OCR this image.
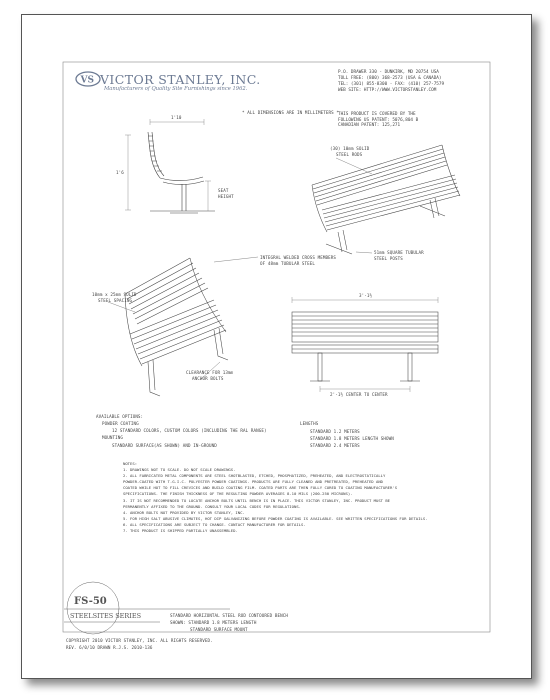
VS VICTOR STANLEY, INC.
Manufacturers of Quality Site Furnishings since 1962.
P.O. DRAWER 330 - DUNKIRK, MD 20754 USA
TOLL FREE: (800) 368-2573 (USA & CANADA)
TEL: (301) 855-8300 - FAX: (410) 257-7579
WEB SITE: HTTP://WWW.VICTORSTANLEY.COM
THIS PRODUCT IS COVERED BY THE
FOLLOWING US PATENT: 5076,804 B
CANADIAN PATENT: 125,271
* ALL DIMENSIONS ARE IN MILLIMETERS *
1'10
1'6
SEAT
HEIGHT
(30) 10mm SOLID
STEEL RODS
51mm SQUARE TUBULAR
STEEL POSTS
INTEGRAL WELDED CROSS MEMBERS
OF 48mm TUBULAR STEEL
10mm x 25mm SOLID
STEEL SPACING
CLEARANCE FOR 13mm
ANCHOR BOLTS
3'-1½
2'-1½ CENTER TO CENTER
AVAILABLE OPTIONS:
POWDER COATING
12 STANDARD COLORS, CUSTOM COLORS (INCLUDING THE RAL RANGE)
MOUNTING
STANDARD SURFACE(AS SHOWN) AND IN-GROUND
LENGTHS
STANDARD 1.2 METERS
STANDARD 1.8 METERS LENGTH SHOWN
STANDARD 2.4 METERS
NOTES:
1. DRAWINGS NOT TO SCALE. DO NOT SCALE DRAWINGS.
2. ALL FABRICATED METAL COMPONENTS ARE STEEL SHOTBLASTED, ETCHED, PHOSPHATIZED, PREHEATED, AND ELECTROSTATICALLY
POWDER-COATED WITH T.G.I.C. POLYESTER POWDER COATINGS. PRODUCTS ARE FULLY CLEANED AND PRETREATED, PREHEATED AND
COATED WHILE HOT TO FILL CREVICES AND BUILD COATING FILM. COATED PARTS ARE THEN FULLY CURED TO COATING MANUFACTURER'S
SPECIFICATIONS. THE FINISH THICKNESS OF THE RESULTING POWDER AVERAGES 8-10 MILS (200-250 MICRONS).
3. IT IS NOT RECOMMENDED TO LOCATE ANCHOR BOLTS UNTIL BENCH IS IN PLACE. THIS VICTOR STANLEY, INC. PRODUCT MUST BE
PERMANENTLY AFFIXED TO THE GROUND. CONSULT YOUR LOCAL CODES FOR REGULATIONS.
4. ANCHOR BOLTS NOT PROVIDED BY VICTOR STANLEY, INC.
5. FOR HIGH SALT ABUSIVE CLIMATES, HOT DIP GALVANIZING BEFORE POWDER COATING IS AVAILABLE. SEE WRITTEN SPECIFICATIONS FOR DETAILS.
6. ALL SPECIFICATIONS ARE SUBJECT TO CHANGE. CONTACT MANUFACTURER FOR DETAILS.
7. THIS PRODUCT IS SHIPPED PARTIALLY UNASSEMBLED.
FS-50
STEELSITES SERIES	STANDARD HORIZONTAL STEEL ROD CONTOURED BENCH
SHOWN: STANDARD 1.8 METERS LENGTH
STANDARD SURFACE MOUNT
COPYRIGHT 2010 VICTOR STANLEY, INC. ALL RIGHTS RESERVED.
REV. 6/0/10 DRAWN R.J.S. 2010-136
